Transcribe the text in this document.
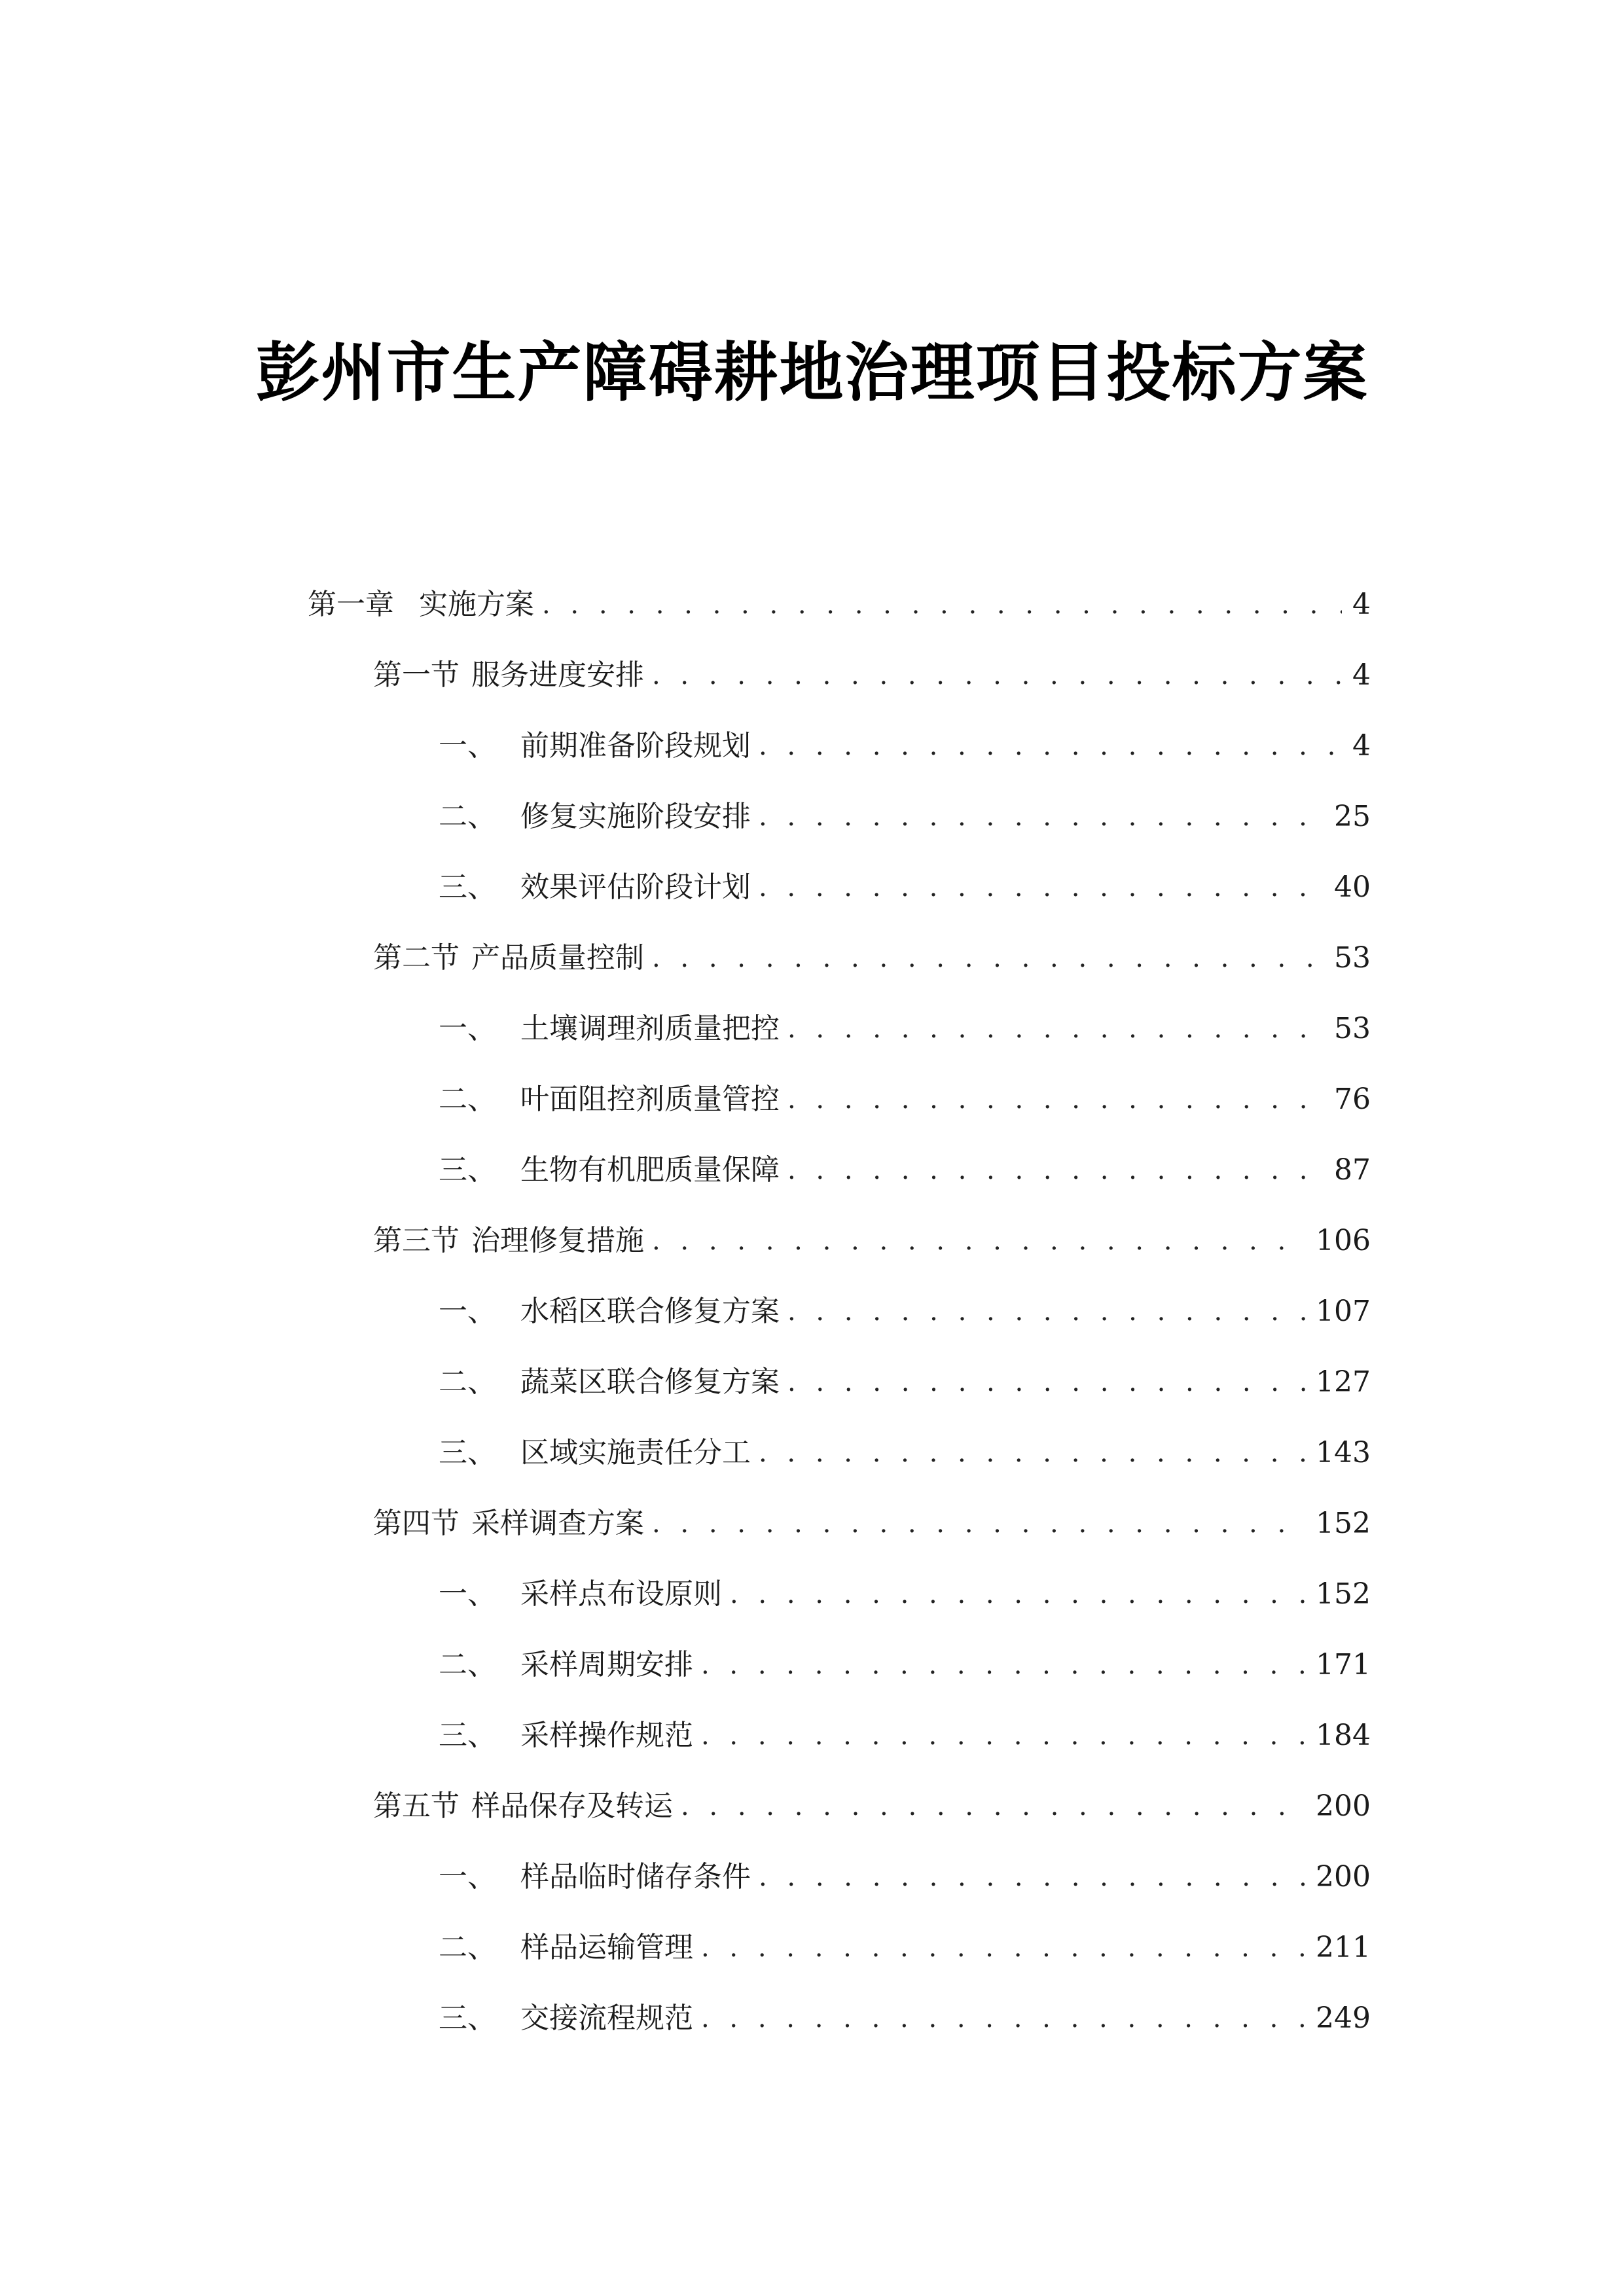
彭州市生产障碍耕地治理项目投标方案
第一章 实施方案 . . .	4
第一节 服务进度安排 . . .	4
一、 前期准备阶段规划 . . .	4
二、 修复实施阶段安排 . . .	25
三、 效果评估阶段计划 . . .	40
第二节 产品质量控制 . . .	53
一、 土壤调理剂质量把控 . . .	53
二、 叶面阻控剂质量管控 . . .	76
三、 生物有机肥质量保障 . . .	87
第三节 治理修复措施 . . .	106
一、 水稻区联合修复方案 . . .	107
二、 蔬菜区联合修复方案 . . .	127
三、 区域实施责任分工 . . .	143
第四节 采样调查方案 . . .	152
一、 采样点布设原则 . . .	152
二、 采样周期安排 . . .	171
三、 采样操作规范 . . .	184
第五节 样品保存及转运 . . .	200
一、 样品临时储存条件 . . .	200
二、 样品运输管理 . . .	211
三、 交接流程规范 . . .	249
